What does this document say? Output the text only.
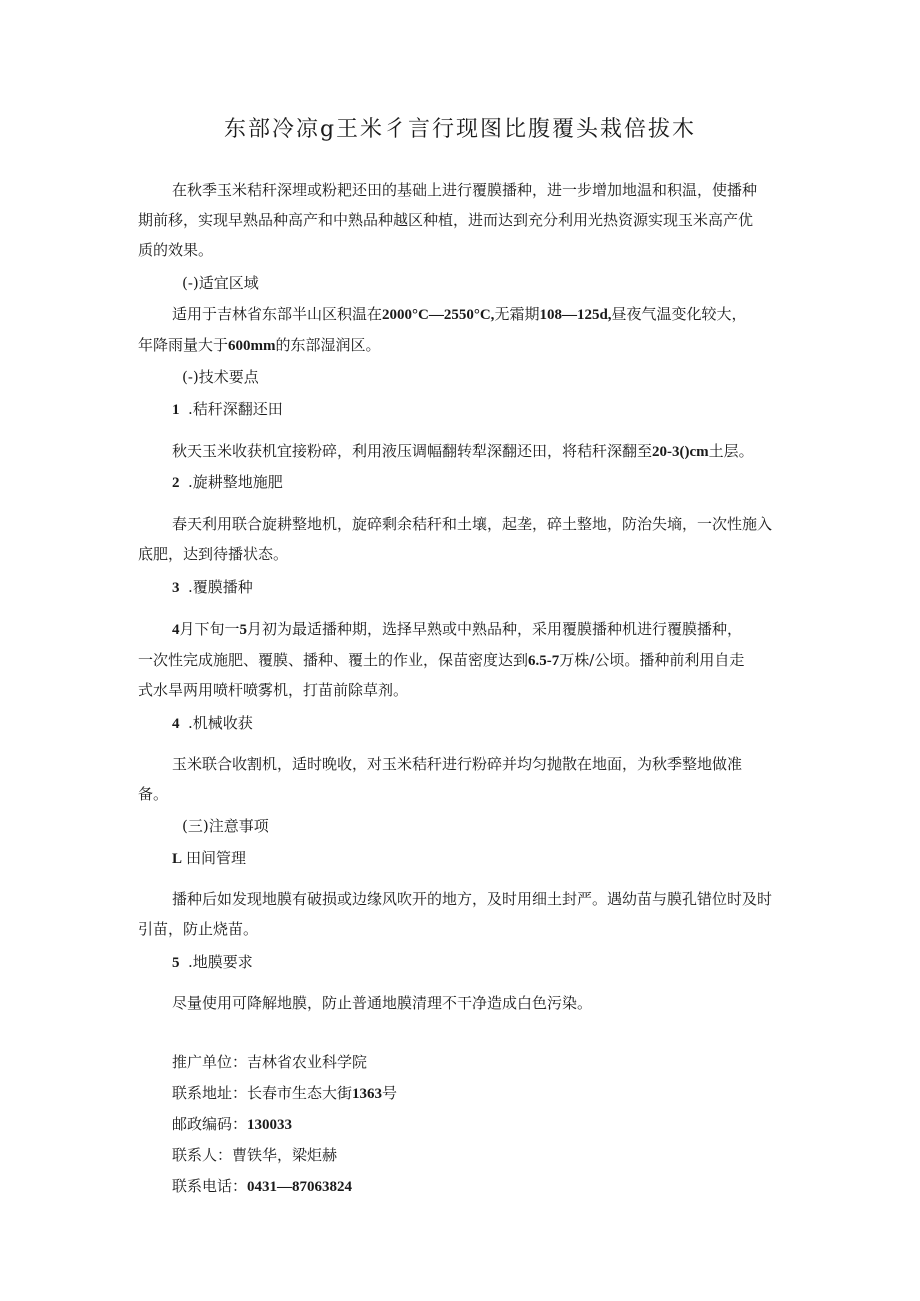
东部冷凉g王米彳言行现图比腹覆头栽倍拔木
在秋季玉米秸秆深埋或粉耙还田的基础上进行覆膜播种，进一步增加地温和积温，使播种
期前移，实现早熟品种高产和中熟品种越区种植，进而达到充分利用光热资源实现玉米高产优
质的效果。
(-)适宜区域
适用于吉林省东部半山区积温在2000°C—2550°C,无霜期108—125d,昼夜气温变化较大，
年降雨量大于600mm的东部湿润区。
(-)技术要点
1 .秸秆深翻还田
秋天玉米收获机宜接粉碎，利用液压调幅翻转犁深翻还田，将秸秆深翻至20-3()cm土层。
2 .旋耕整地施肥
春天利用联合旋耕整地机，旋碎剩余秸秆和土壤，起垄，碎土整地，防治失墒，一次性施入
底肥，达到待播状态。
3 .覆膜播种
4月下旬一5月初为最适播种期，选择早熟或中熟品种，采用覆膜播种机进行覆膜播种，
一次性完成施肥、覆膜、播种、覆土的作业，保苗密度达到6.5-7万株/公顷。播种前利用自走
式水旱两用喷杆喷雾机，打苗前除草剂。
4 .机械收获
玉米联合收割机，适时晚收，对玉米秸秆进行粉碎并均匀抛散在地面，为秋季整地做准
备。
(三)注意事项
L 田间管理
播种后如发现地膜有破损或边缘风吹开的地方，及时用细土封严。遇幼苗与膜孔错位时及时
引苗，防止烧苗。
5 .地膜要求
尽量使用可降解地膜，防止普通地膜清理不干净造成白色污染。
推广单位：吉林省农业科学院
联系地址：长春市生态大街1363号
邮政编码：130033
联系人：曹铁华，梁炬赫
联系电话：0431—87063824
